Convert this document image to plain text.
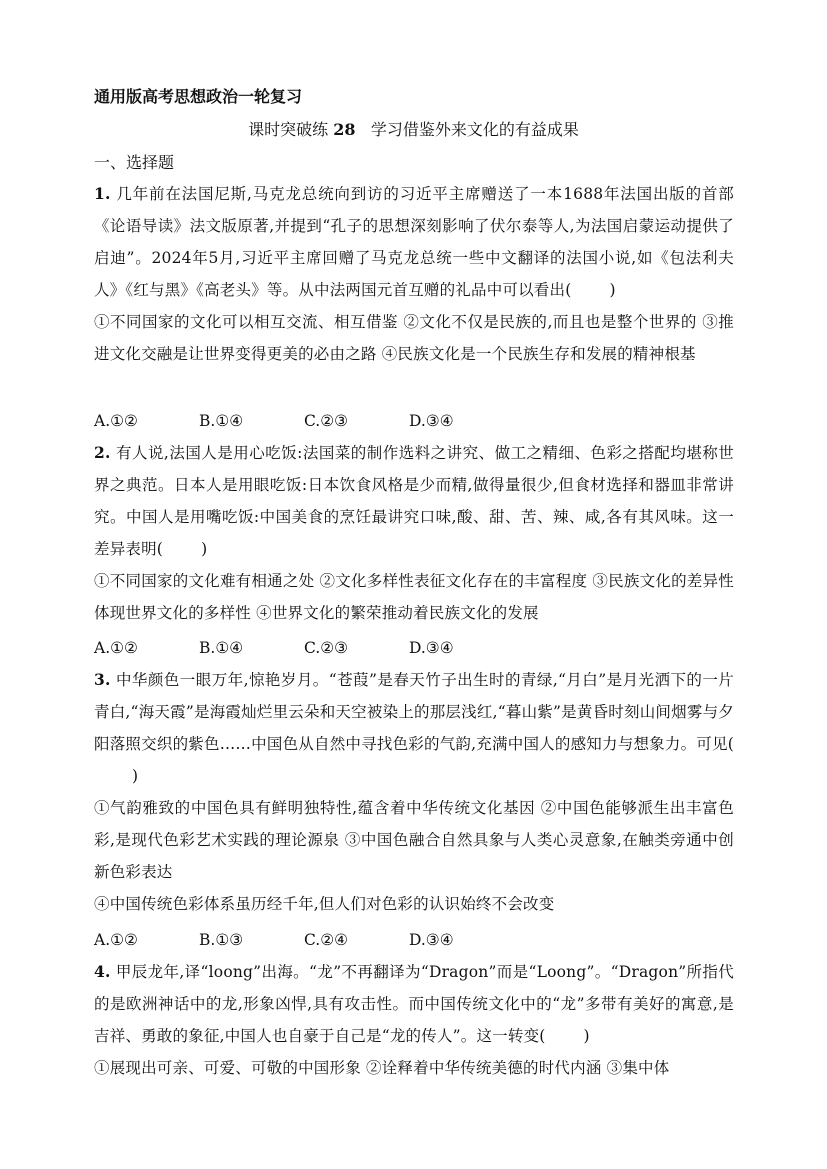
通用版高考思想政治一轮复习
课时突破练 28 学习借鉴外来文化的有益成果
一、选择题
1. 几年前在法国尼斯,马克龙总统向到访的习近平主席赠送了一本1688年法国出版的首部《论语导读》法文版原著,并提到“孔子的思想深刻影响了伏尔泰等人,为法国启蒙运动提供了启迪”。2024年5月,习近平主席回赠了马克龙总统一些中文翻译的法国小说,如《包法利夫人》《红与黑》《高老头》等。从中法两国元首互赠的礼品中可以看出( )
①不同国家的文化可以相互交流、相互借鉴 ②文化不仅是民族的,而且也是整个世界的 ③推进文化交融是让世界变得更美的必由之路 ④民族文化是一个民族生存和发展的精神根基
A.①②	B.①④	C.②③	D.③④
2. 有人说,法国人是用心吃饭:法国菜的制作选料之讲究、做工之精细、色彩之搭配均堪称世界之典范。日本人是用眼吃饭:日本饮食风格是少而精,做得量很少,但食材选择和器皿非常讲究。中国人是用嘴吃饭:中国美食的烹饪最讲究口味,酸、甜、苦、辣、咸,各有其风味。这一差异表明( )
①不同国家的文化难有相通之处 ②文化多样性表征文化存在的丰富程度 ③民族文化的差异性体现世界文化的多样性 ④世界文化的繁荣推动着民族文化的发展
A.①②	B.①④	C.②③	D.③④
3. 中华颜色一眼万年,惊艳岁月。“苍葭”是春天竹子出生时的青绿,“月白”是月光洒下的一片青白,“海天霞”是海霞灿烂里云朵和天空被染上的那层浅红,“暮山紫”是黄昏时刻山间烟雾与夕阳落照交织的紫色……中国色从自然中寻找色彩的气韵,充满中国人的感知力与想象力。可见()
①气韵雅致的中国色具有鲜明独特性,蕴含着中华传统文化基因 ②中国色能够派生出丰富色彩,是现代色彩艺术实践的理论源泉 ③中国色融合自然具象与人类心灵意象,在触类旁通中创新色彩表达
④中国传统色彩体系虽历经千年,但人们对色彩的认识始终不会改变
A.①②	B.①③	C.②④	D.③④
4. 甲辰龙年,译“loong”出海。“龙”不再翻译为“Dragon”而是“Loong”。“Dragon”所指代的是欧洲神话中的龙,形象凶悍,具有攻击性。而中国传统文化中的“龙”多带有美好的寓意,是吉祥、勇敢的象征,中国人也自豪于自己是“龙的传人”。这一转变( )
①展现出可亲、可爱、可敬的中国形象 ②诠释着中华传统美德的时代内涵 ③集中体
